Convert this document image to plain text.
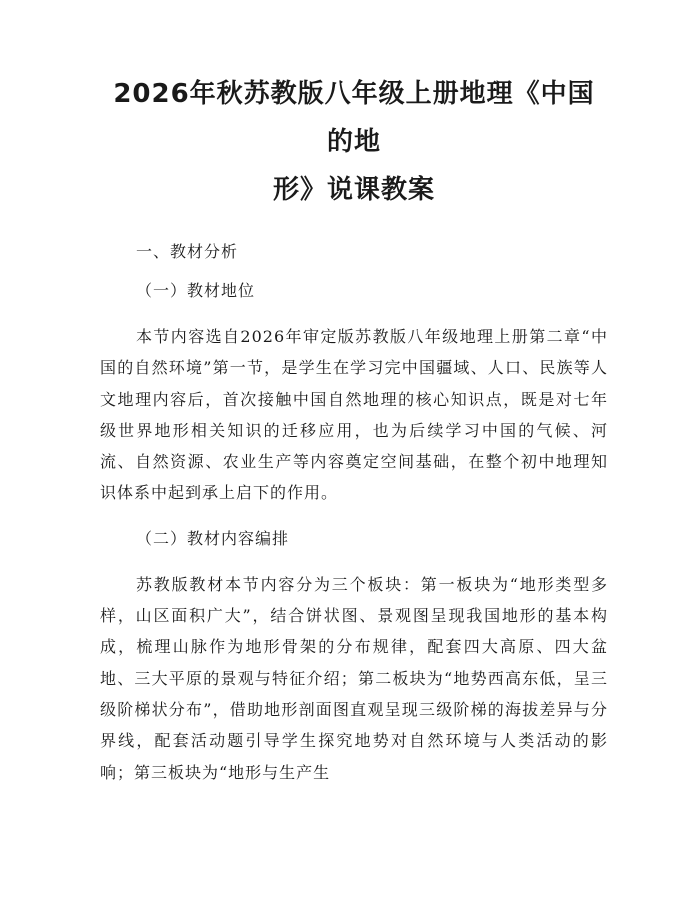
2026年秋苏教版八年级上册地理《中国的地
形》说课教案

一、教材分析

（一）教材地位

本节内容选自2026年审定版苏教版八年级地理上册第二章“中国的自然环境”第一节，是学生在学习完中国疆域、人口、民族等人文地理内容后，首次接触中国自然地理的核心知识点，既是对七年级世界地形相关知识的迁移应用，也为后续学习中国的气候、河流、自然资源、农业生产等内容奠定空间基础，在整个初中地理知识体系中起到承上启下的作用。

（二）教材内容编排

苏教版教材本节内容分为三个板块：第一板块为“地形类型多样，山区面积广大”，结合饼状图、景观图呈现我国地形的基本构成，梳理山脉作为地形骨架的分布规律，配套四大高原、四大盆地、三大平原的景观与特征介绍；第二板块为“地势西高东低，呈三级阶梯状分布”，借助地形剖面图直观呈现三级阶梯的海拔差异与分界线，配套活动题引导学生探究地势对自然环境与人类活动的影响；第三板块为“地形与生产生
